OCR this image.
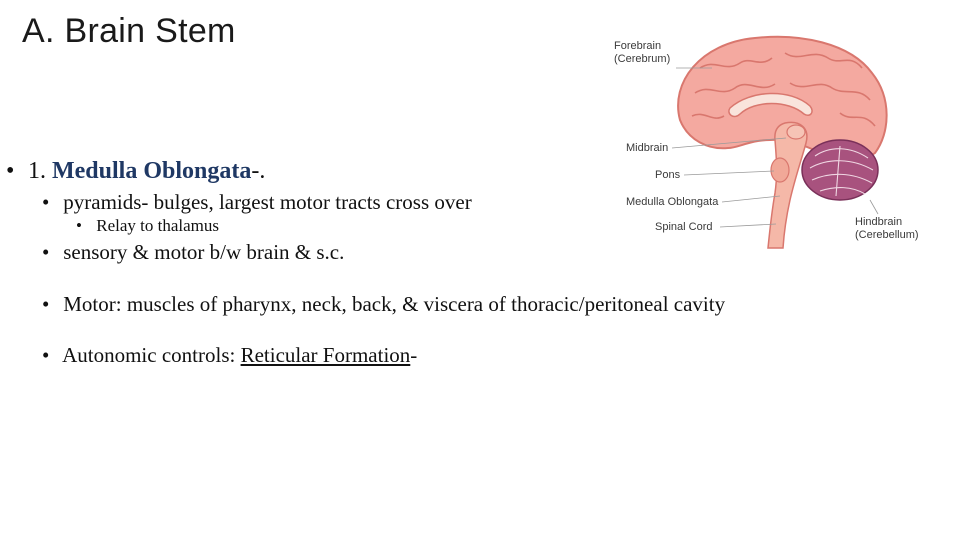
A. Brain Stem
• 1. Medulla Oblongata-.
• pyramids- bulges, largest motor tracts cross over
• Relay to thalamus
• sensory & motor b/w brain & s.c.
• Motor: muscles of pharynx, neck, back, & viscera of thoracic/peritoneal cavity
• Autonomic controls: Reticular Formation-
Forebrain
(Cerebrum)
Midbrain
Pons
Medulla Oblongata
Spinal Cord	Hindbrain
(Cerebellum)
